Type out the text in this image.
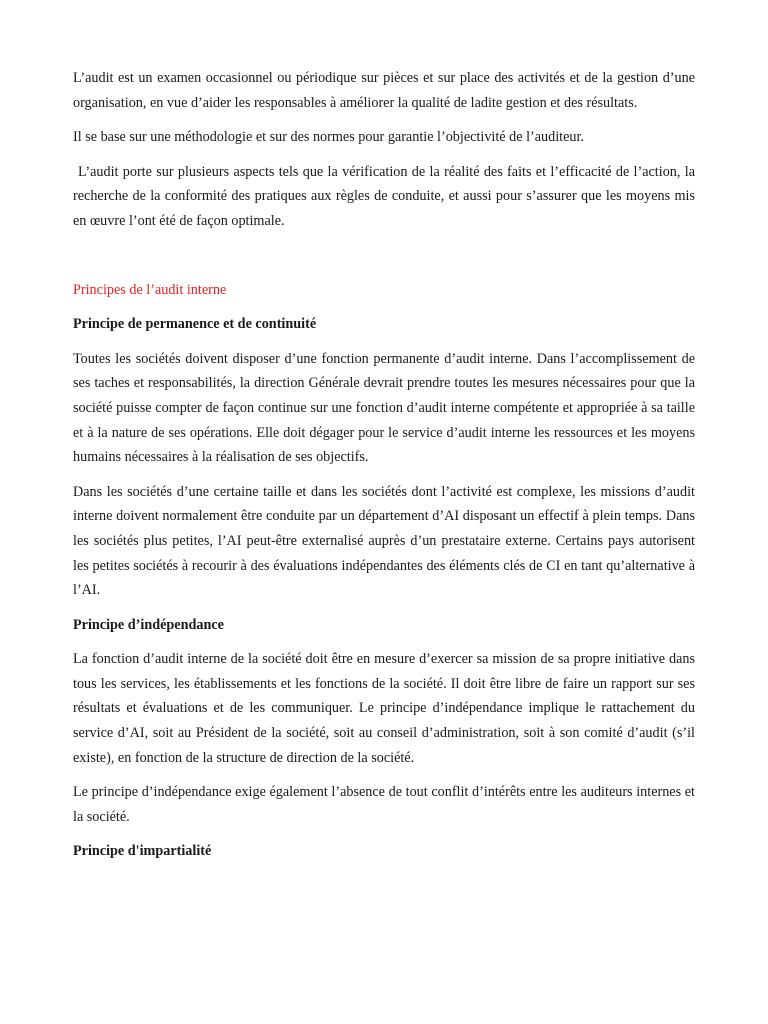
L’audit est un examen occasionnel ou périodique sur pièces et sur place des activités et de la gestion d’une organisation, en vue d’aider les responsables à améliorer la qualité de ladite gestion et des résultats.

Il se base sur une méthodologie et sur des normes pour garantie l’objectivité de l’auditeur.

L’audit porte sur plusieurs aspects tels que la vérification de la réalité des faits et l’efficacité de l’action, la recherche de la conformité des pratiques aux règles de conduite, et aussi pour s’assurer que les moyens mis en œuvre l’ont été de façon optimale.

Principes de l’audit interne

Principe de permanence et de continuité

Toutes les sociétés doivent disposer d’une fonction permanente d’audit interne. Dans l’accomplissement de ses taches et responsabilités, la direction Générale devrait prendre toutes les mesures nécessaires pour que la société puisse compter de façon continue sur une fonction d’audit interne compétente et appropriée à sa taille et à la nature de ses opérations. Elle doit dégager pour le service d’audit interne les ressources et les moyens humains nécessaires à la réalisation de ses objectifs.

Dans les sociétés d’une certaine taille et dans les sociétés dont l’activité est complexe, les missions d’audit interne doivent normalement être conduite par un département d’AI disposant un effectif à plein temps. Dans les sociétés plus petites, l’AI peut-être externalisé auprès d’un prestataire externe. Certains pays autorisent les petites sociétés à recourir à des évaluations indépendantes des éléments clés de CI en tant qu’alternative à l’AI.

Principe d’indépendance

La fonction d’audit interne de la société doit être en mesure d’exercer sa mission de sa propre initiative dans tous les services, les établissements et les fonctions de la société. Il doit être libre de faire un rapport sur ses résultats et évaluations et de les communiquer. Le principe d’indépendance implique le rattachement du service d’AI, soit au Président de la société, soit au conseil d’administration, soit à son comité d’audit (s’il existe), en fonction de la structure de direction de la société.

Le principe d’indépendance exige également l’absence de tout conflit d’intérêts entre les auditeurs internes et la société.

Principe d'impartialité
